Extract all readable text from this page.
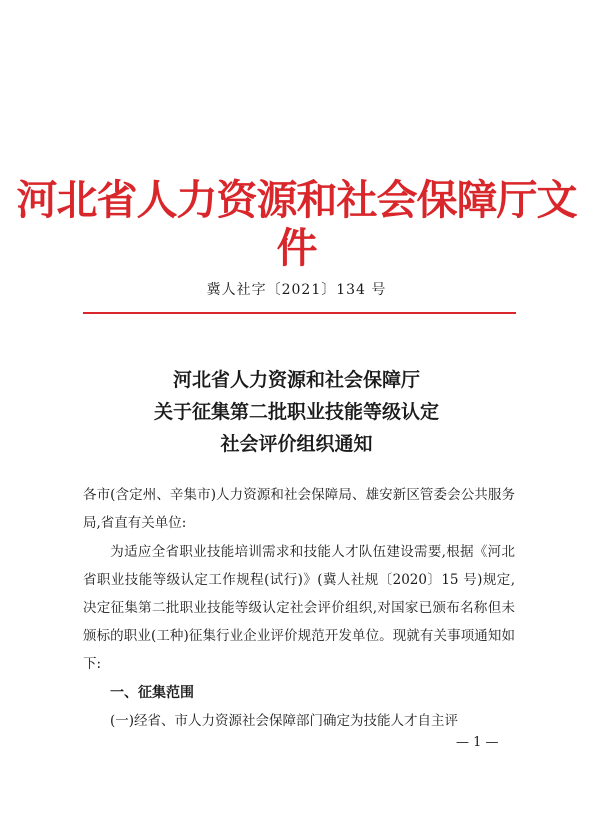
河北省人力资源和社会保障厅文件
冀人社字〔2021〕134 号
河北省人力资源和社会保障厅
关于征集第二批职业技能等级认定
社会评价组织通知
各市(含定州、辛集市)人力资源和社会保障局、雄安新区管委会公共服务局,省直有关单位:
为适应全省职业技能培训需求和技能人才队伍建设需要,根据《河北省职业技能等级认定工作规程(试行)》(冀人社规〔2020〕15 号)规定,决定征集第二批职业技能等级认定社会评价组织,对国家已颁布名称但未颁标的职业(工种)征集行业企业评价规范开发单位。现就有关事项通知如下:
一、征集范围
(一)经省、市人力资源社会保障部门确定为技能人才自主评
— 1 —
